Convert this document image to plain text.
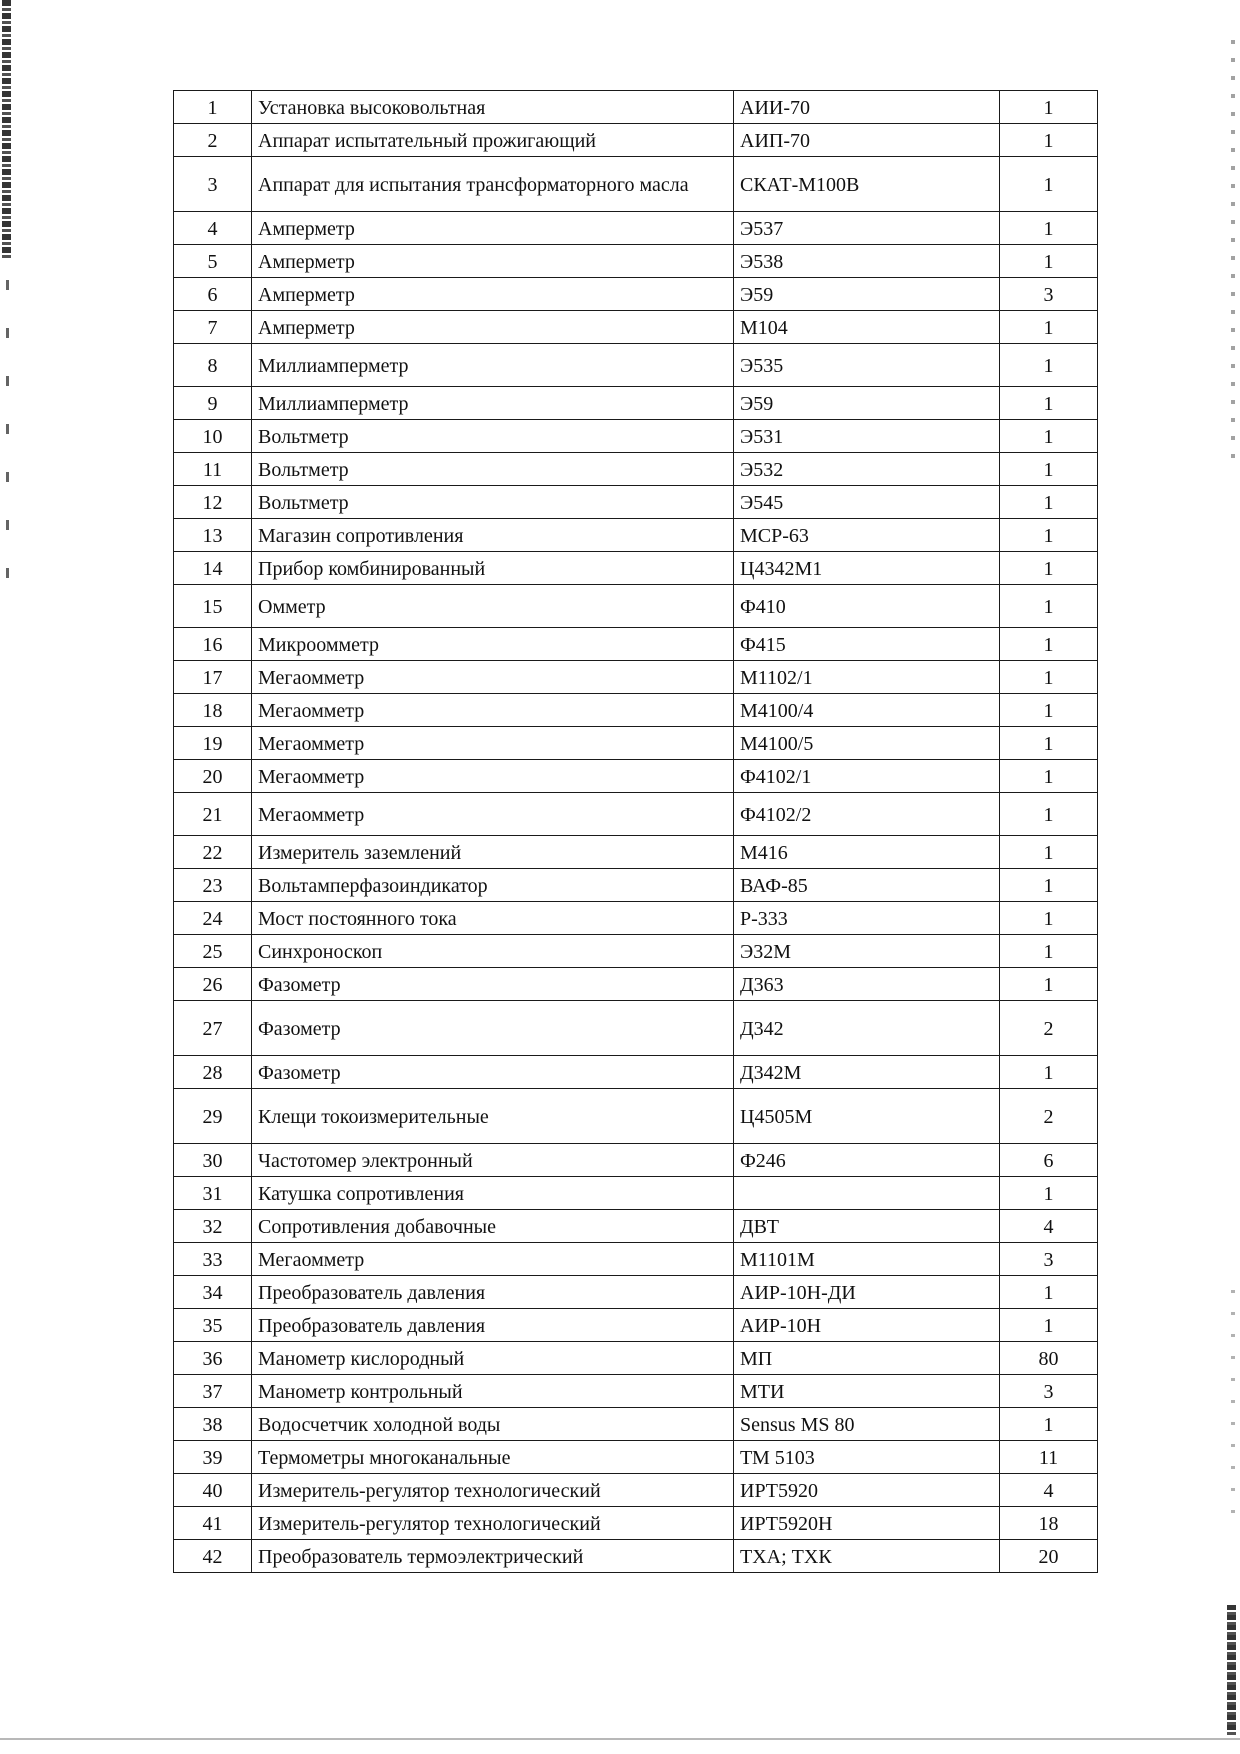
1	Установка высоковольтная	АИИ-70	1
2	Аппарат испытательный прожигающий	АИП-70	1
3	Аппарат для испытания трансформаторного масла	СКАТ-М100В	1
4	Амперметр	Э537	1
5	Амперметр	Э538	1
6	Амперметр	Э59	3
7	Амперметр	М104	1
8	Миллиамперметр	Э535	1
9	Миллиамперметр	Э59	1
10	Вольтметр	Э531	1
11	Вольтметр	Э532	1
12	Вольтметр	Э545	1
13	Магазин сопротивления	МСР-63	1
14	Прибор комбинированный	Ц4342М1	1
15	Омметр	Ф410	1
16	Микроомметр	Ф415	1
17	Мегаомметр	М1102/1	1
18	Мегаомметр	М4100/4	1
19	Мегаомметр	М4100/5	1
20	Мегаомметр	Ф4102/1	1
21	Мегаомметр	Ф4102/2	1
22	Измеритель заземлений	М416	1
23	Вольтамперфазоиндикатор	ВАФ-85	1
24	Мост постоянного тока	Р-333	1
25	Синхроноскоп	Э32М	1
26	Фазометр	Д363	1
27	Фазометр	Д342	2
28	Фазометр	Д342М	1
29	Клещи токоизмерительные	Ц4505М	2
30	Частотомер электронный	Ф246	6
31	Катушка сопротивления		1
32	Сопротивления добавочные	ДВТ	4
33	Мегаомметр	М1101М	3
34	Преобразователь давления	АИР-10Н-ДИ	1
35	Преобразователь давления	АИР-10Н	1
36	Манометр кислородный	МП	80
37	Манометр контрольный	МТИ	3
38	Водосчетчик холодной воды	Sensus MS 80	1
39	Термометры многоканальные	ТМ 5103	11
40	Измеритель-регулятор технологический	ИРТ5920	4
41	Измеритель-регулятор технологический	ИРТ5920Н	18
42	Преобразователь термоэлектрический	ТХА; ТХК	20
